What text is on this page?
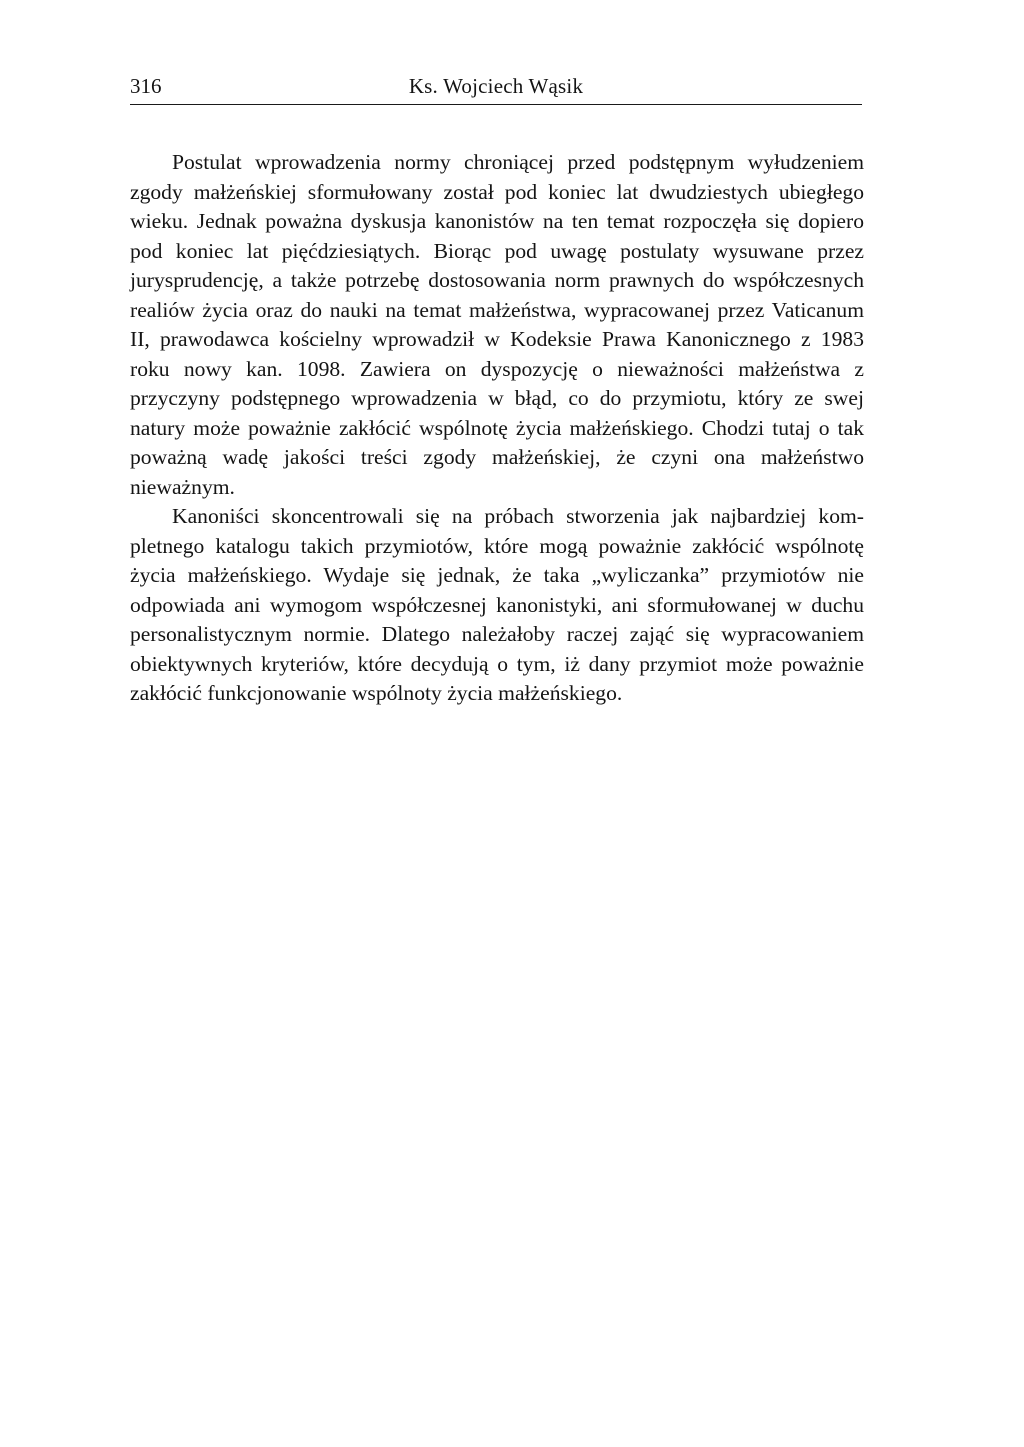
316	Ks. Wojciech Wąsik

Postulat wprowadzenia normy chroniącej przed podstępnym wyłudzeniem zgody małżeńskiej sformułowany został pod koniec lat dwudziestych ubiegłego wieku. Jednak poważna dyskusja kanonistów na ten temat rozpoczęła się dopiero pod koniec lat pięćdziesiątych. Biorąc pod uwagę postulaty wysuwane przez jurysprudencję, a także potrzebę dostosowania norm prawnych do współczesnych realiów życia oraz do nauki na temat małżeństwa, wypracowanej przez Vaticanum II, prawodawca kościelny wprowadził w Kodeksie Prawa Kanonicznego z 1983 roku nowy kan. 1098. Zawiera on dyspozycję o nieważności małżeństwa z przyczyny podstępnego wprowadzenia w błąd, co do przymiotu, który ze swej natury może poważnie zakłócić wspólnotę życia małżeńskiego. Chodzi tutaj o tak poważną wadę jakości treści zgody małżeńskiej, że czyni ona małżeństwo nieważnym.

Kanoniści skoncentrowali się na próbach stworzenia jak najbardziej kompletnego katalogu takich przymiotów, które mogą poważnie zakłócić wspólnotę życia małżeńskiego. Wydaje się jednak, że taka „wyliczanka” przymiotów nie odpowiada ani wymogom współczesnej kanonistyki, ani sformułowanej w duchu personalistycznym normie. Dlatego należałoby raczej zająć się wypracowaniem obiektywnych kryteriów, które decydują o tym, iż dany przymiot może poważnie zakłócić funkcjonowanie wspólnoty życia małżeńskiego.
